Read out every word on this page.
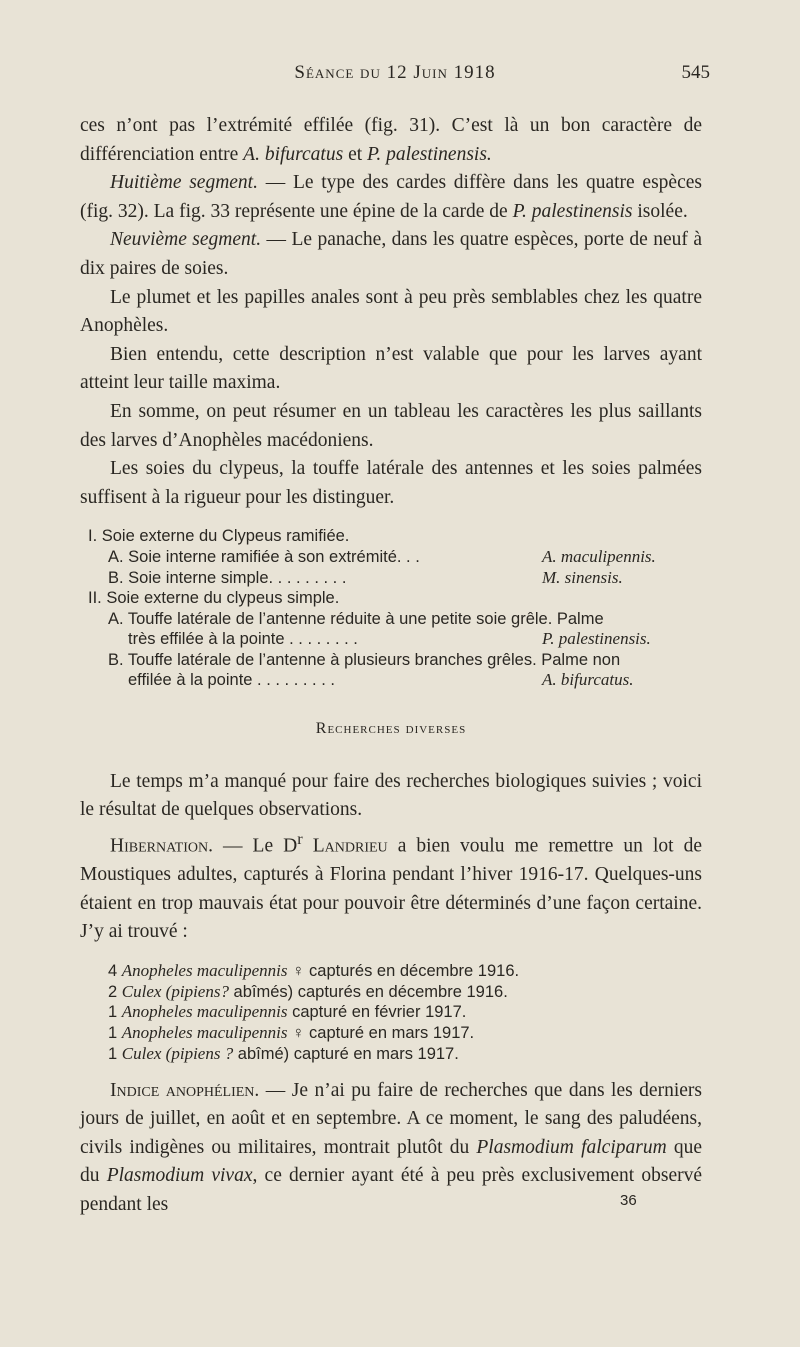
Séance du 12 Juin 1918	545

ces n’ont pas l’extrémité effilée (fig. 31). C’est là un bon caractère de différenciation entre A. bifurcatus et P. palestinensis.

Huitième segment. — Le type des cardes diffère dans les quatre espèces (fig. 32). La fig. 33 représente une épine de la carde de P. palestinensis isolée.

Neuvième segment. — Le panache, dans les quatre espèces, porte de neuf à dix paires de soies.

Le plumet et les papilles anales sont à peu près semblables chez les quatre Anophèles.

Bien entendu, cette description n’est valable que pour les larves ayant atteint leur taille maxima.

En somme, on peut résumer en un tableau les caractères les plus saillants des larves d’Anophèles macédoniens.

Les soies du clypeus, la touffe latérale des antennes et les soies palmées suffisent à la rigueur pour les distinguer.

I. Soie externe du Clypeus ramifiée.
A. Soie interne ramifiée à son extrémité. . .	A. maculipennis.
B. Soie interne simple. . . . . . . . .	M. sinensis.
II. Soie externe du clypeus simple.
A. Touffe latérale de l’antenne réduite à une petite soie grêle. Palme
très effilée à la pointe . . . . . . . .	P. palestinensis.
B. Touffe latérale de l’antenne à plusieurs branches grêles. Palme non
effilée à la pointe . . . . . . . . .	A. bifurcatus.
Recherches diverses

Le temps m’a manqué pour faire des recherches biologiques suivies ; voici le résultat de quelques observations.

Hibernation. — Le $D^r$ Landrieu a bien voulu me remettre un lot de Moustiques adultes, capturés à Florina pendant l’hiver 1916-17. Quelques-uns étaient en trop mauvais état pour pouvoir être déterminés d’une façon certaine. J’y ai trouvé :

4 Anopheles maculipennis ♀ capturés en décembre 1916.
2 Culex (pipiens? abîmés) capturés en décembre 1916.
1 Anopheles maculipennis capturé en février 1917.
1 Anopheles maculipennis ♀ capturé en mars 1917.
1 Culex (pipiens ? abîmé) capturé en mars 1917.

Indice anophélien. — Je n’ai pu faire de recherches que dans les derniers jours de juillet, en août et en septembre. A ce moment, le sang des paludéens, civils indigènes ou militaires, montrait plutôt du Plasmodium falciparum que du Plasmodium vivax, ce dernier ayant été à peu près exclusivement observé pendant les	36
